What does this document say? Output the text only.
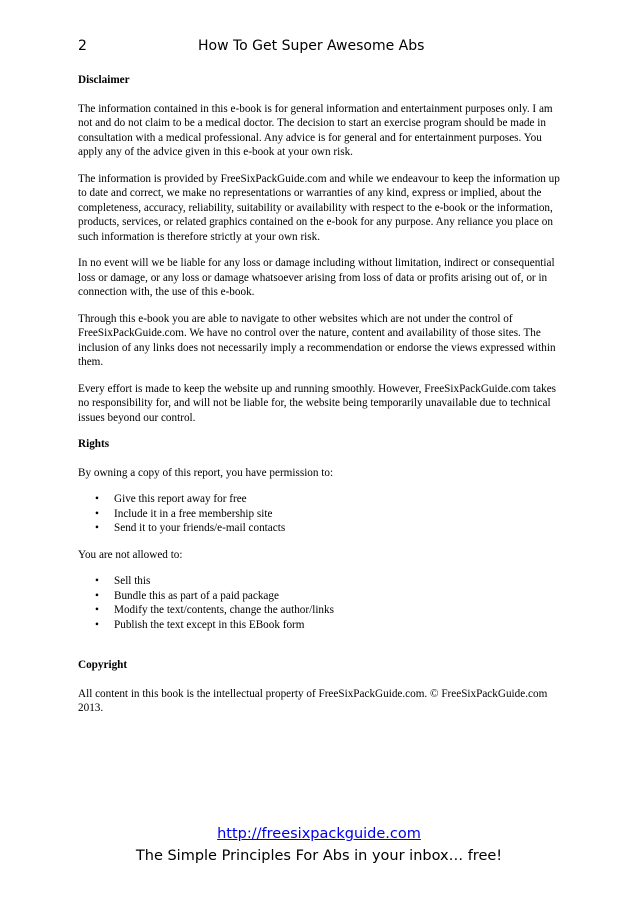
2	How To Get Super Awesome Abs
Disclaimer

The information contained in this e-book is for general information and entertainment purposes only. I am not and do not claim to be a medical doctor. The decision to start an exercise program should be made in consultation with a medical professional. Any advice is for general and for entertainment purposes. You apply any of the advice given in this e-book at your own risk.

The information is provided by FreeSixPackGuide.com and while we endeavour to keep the information up to date and correct, we make no representations or warranties of any kind, express or implied, about the completeness, accuracy, reliability, suitability or availability with respect to the e-book or the information, products, services, or related graphics contained on the e-book for any purpose. Any reliance you place on such information is therefore strictly at your own risk.

In no event will we be liable for any loss or damage including without limitation, indirect or consequential loss or damage, or any loss or damage whatsoever arising from loss of data or profits arising out of, or in connection with, the use of this e-book.

Through this e-book you are able to navigate to other websites which are not under the control of FreeSixPackGuide.com. We have no control over the nature, content and availability of those sites. The inclusion of any links does not necessarily imply a recommendation or endorse the views expressed within them.

Every effort is made to keep the website up and running smoothly. However, FreeSixPackGuide.com takes no responsibility for, and will not be liable for, the website being temporarily unavailable due to technical issues beyond our control.

Rights

By owning a copy of this report, you have permission to:

• Give this report away for free
• Include it in a free membership site
• Send it to your friends/e-mail contacts

You are not allowed to:

• Sell this
• Bundle this as part of a paid package
• Modify the text/contents, change the author/links
• Publish the text except in this EBook form
Copyright

All content in this book is the intellectual property of FreeSixPackGuide.com. © FreeSixPackGuide.com 2013.

http://freesixpackguide.com
The Simple Principles For Abs in your inbox… free!
